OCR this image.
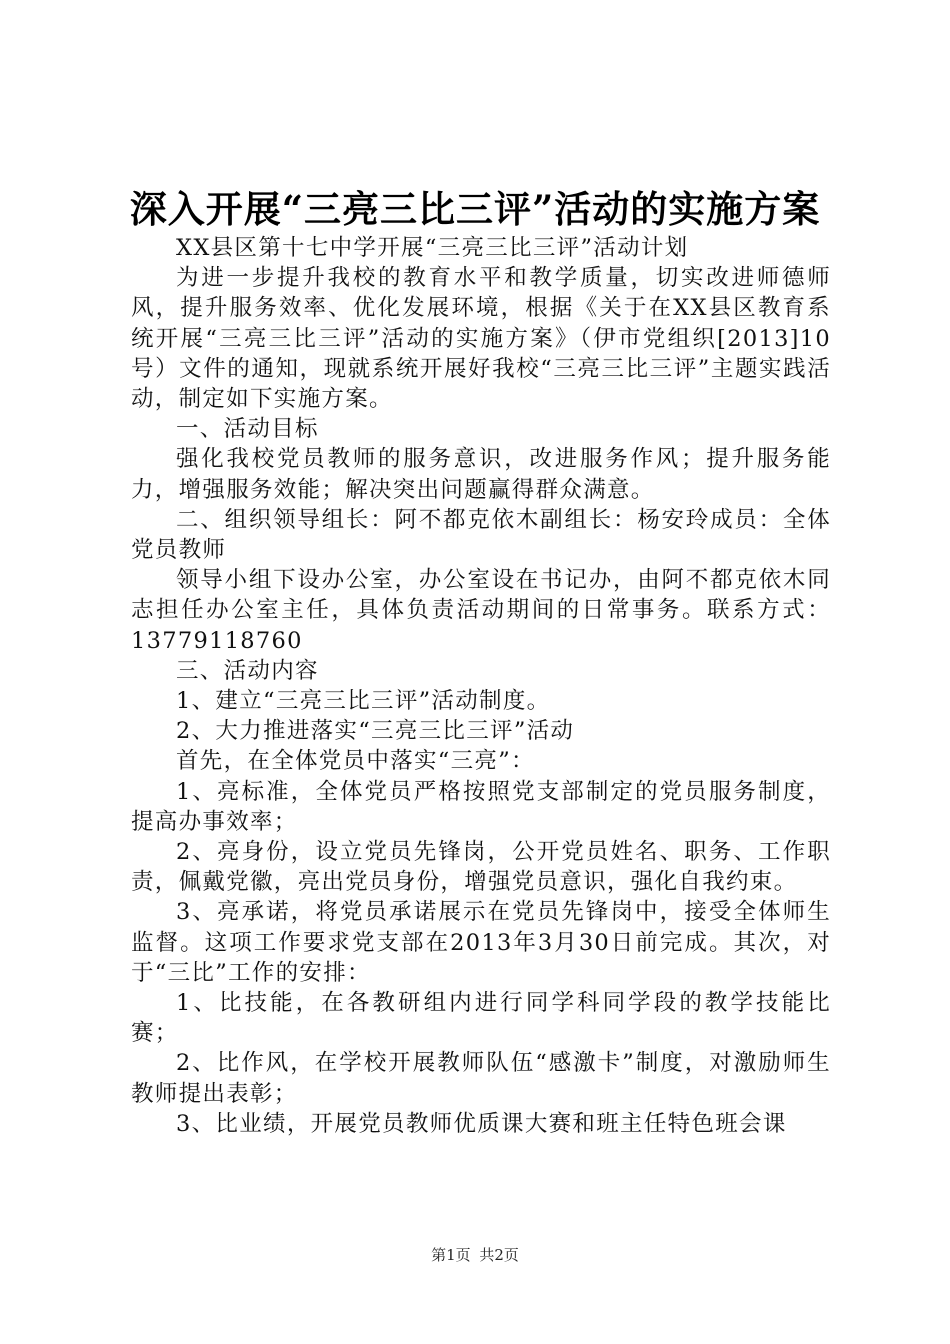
深入开展“三亮三比三评”活动的实施方案

XX县区第十七中学开展“三亮三比三评”活动计划

为进一步提升我校的教育水平和教学质量，切实改进师德师风，提升服务效率、优化发展环境，根据《关于在XX县区教育系统开展“三亮三比三评”活动的实施方案》（伊市党组织[2013]10号）文件的通知，现就系统开展好我校“三亮三比三评”主题实践活动，制定如下实施方案。

一、活动目标

强化我校党员教师的服务意识，改进服务作风；提升服务能力，增强服务效能；解决突出问题赢得群众满意。

二、组织领导组长：阿不都克依木副组长：杨安玲成员：全体党员教师

领导小组下设办公室，办公室设在书记办，由阿不都克依木同志担任办公室主任，具体负责活动期间的日常事务。联系方式：13779118760

三、活动内容

1、建立“三亮三比三评”活动制度。

2、大力推进落实“三亮三比三评”活动

首先，在全体党员中落实“三亮”：

1、亮标准，全体党员严格按照党支部制定的党员服务制度，提高办事效率；

2、亮身份，设立党员先锋岗，公开党员姓名、职务、工作职责，佩戴党徽，亮出党员身份，增强党员意识，强化自我约束。

3、亮承诺，将党员承诺展示在党员先锋岗中，接受全体师生监督。这项工作要求党支部在2013年3月30日前完成。其次，对于“三比”工作的安排：

1、比技能，在各教研组内进行同学科同学段的教学技能比赛；

2、比作风，在学校开展教师队伍“感激卡”制度，对激励师生教师提出表彰；

3、比业绩，开展党员教师优质课大赛和班主任特色班会课

第1页 共2页
